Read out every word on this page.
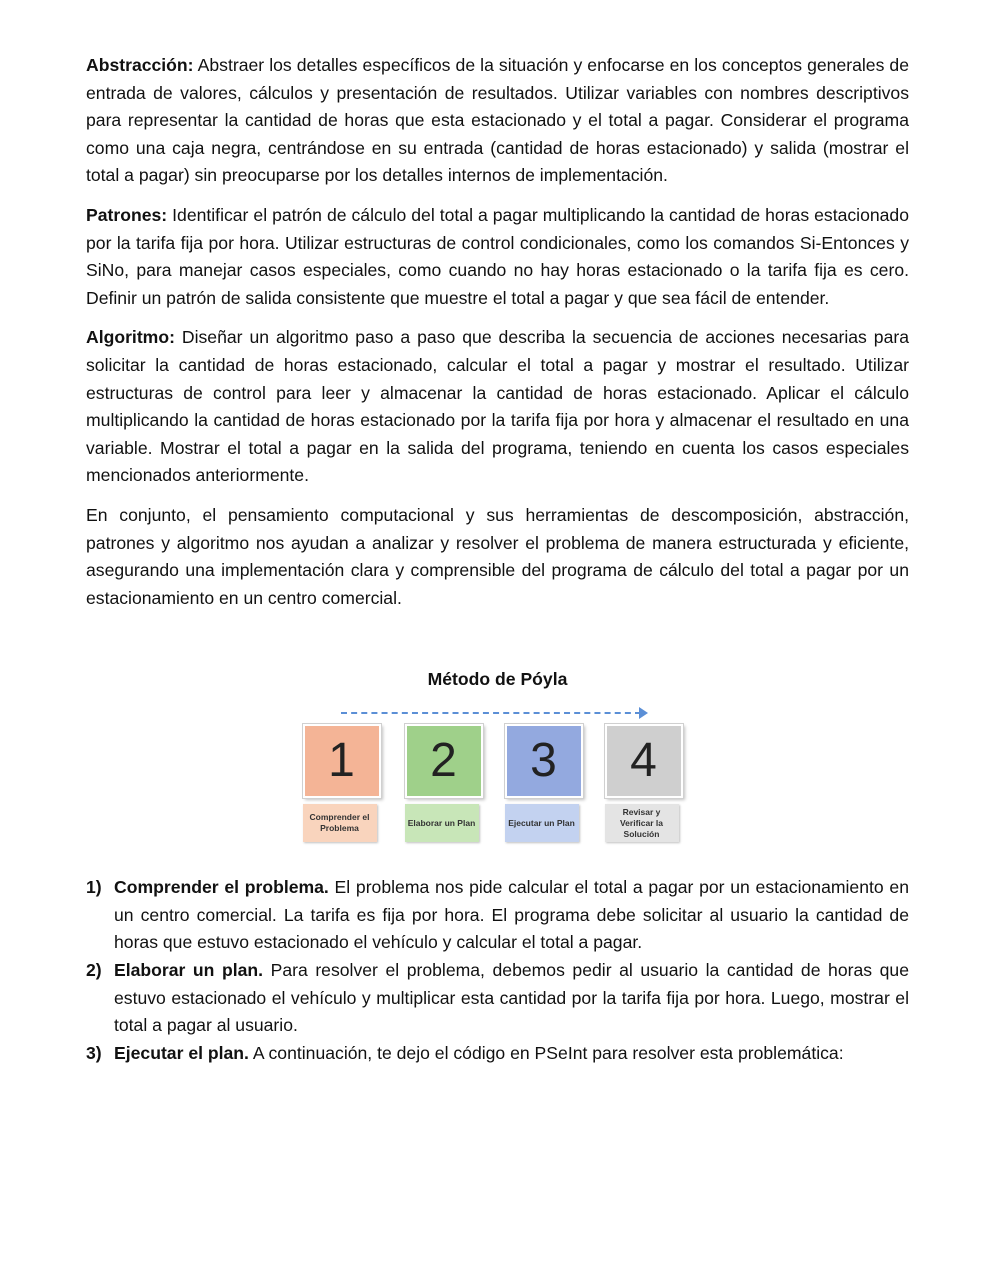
Abstracción: Abstraer los detalles específicos de la situación y enfocarse en los conceptos generales de entrada de valores, cálculos y presentación de resultados. Utilizar variables con nombres descriptivos para representar la cantidad de horas que esta estacionado y el total a pagar. Considerar el programa como una caja negra, centrándose en su entrada (cantidad de horas estacionado) y salida (mostrar el total a pagar) sin preocuparse por los detalles internos de implementación.

Patrones: Identificar el patrón de cálculo del total a pagar multiplicando la cantidad de horas estacionado por la tarifa fija por hora. Utilizar estructuras de control condicionales, como los comandos Si-Entonces y SiNo, para manejar casos especiales, como cuando no hay horas estacionado o la tarifa fija es cero. Definir un patrón de salida consistente que muestre el total a pagar y que sea fácil de entender.

Algoritmo: Diseñar un algoritmo paso a paso que describa la secuencia de acciones necesarias para solicitar la cantidad de horas estacionado, calcular el total a pagar y mostrar el resultado. Utilizar estructuras de control para leer y almacenar la cantidad de horas estacionado. Aplicar el cálculo multiplicando la cantidad de horas estacionado por la tarifa fija por hora y almacenar el resultado en una variable. Mostrar el total a pagar en la salida del programa, teniendo en cuenta los casos especiales mencionados anteriormente.

En conjunto, el pensamiento computacional y sus herramientas de descomposición, abstracción, patrones y algoritmo nos ayudan a analizar y resolver el problema de manera estructurada y eficiente, asegurando una implementación clara y comprensible del programa de cálculo del total a pagar por un estacionamiento en un centro comercial.

Método de Póyla
1
Comprender el Problema
2
Elaborar un Plan
3
Ejecutar un Plan
4
Revisar y Verificar la Solución
1) Comprender el problema. El problema nos pide calcular el total a pagar por un estacionamiento en un centro comercial. La tarifa es fija por hora. El programa debe solicitar al usuario la cantidad de horas que estuvo estacionado el vehículo y calcular el total a pagar.
2) Elaborar un plan. Para resolver el problema, debemos pedir al usuario la cantidad de horas que estuvo estacionado el vehículo y multiplicar esta cantidad por la tarifa fija por hora. Luego, mostrar el total a pagar al usuario.
3) Ejecutar el plan. A continuación, te dejo el código en PSeInt para resolver esta problemática:
